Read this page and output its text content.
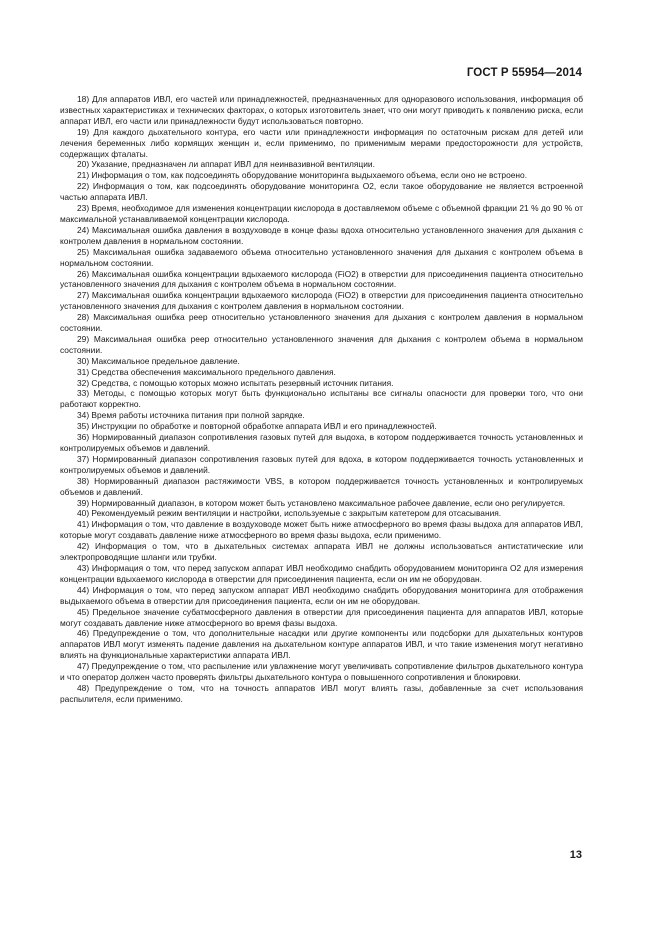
ГОСТ Р 55954—2014

18) Для аппаратов ИВЛ, его частей или принадлежностей, предназначенных для одноразового использования, информация об известных характеристиках и технических факторах, о которых изготовитель знает, что они могут приводить к появлению риска, если аппарат ИВЛ, его части или принадлежности будут использоваться повторно.

19) Для каждого дыхательного контура, его части или принадлежности информация по остаточным рискам для детей или лечения беременных либо кормящих женщин и, если применимо, по применимым мерами предосторожности для устройств, содержащих фталаты.

20) Указание, предназначен ли аппарат ИВЛ для неинвазивной вентиляции.

21) Информация о том, как подсоединять оборудование мониторинга выдыхаемого объема, если оно не встроено.

22) Информация о том, как подсоединять оборудование мониторинга O2, если такое оборудование не является встроенной частью аппарата ИВЛ.

23) Время, необходимое для изменения концентрации кислорода в доставляемом объеме с объемной фракции 21 % до 90 % от максимальной устанавливаемой концентрации кислорода.

24) Максимальная ошибка давления в воздуховоде в конце фазы вдоха относительно установленного значения для дыхания с контролем давления в нормальном состоянии.

25) Максимальная ошибка задаваемого объема относительно установленного значения для дыхания с контролем объема в нормальном состоянии.

26) Максимальная ошибка концентрации вдыхаемого кислорода (FiO2) в отверстии для присоединения пациента относительно установленного значения для дыхания с контролем объема в нормальном состоянии.

27) Максимальная ошибка концентрации вдыхаемого кислорода (FiO2) в отверстии для присоединения пациента относительно установленного значения для дыхания с контролем давления в нормальном состоянии.

28) Максимальная ошибка peep относительно установленного значения для дыхания с контролем давления в нормальном состоянии.

29) Максимальная ошибка peep относительно установленного значения для дыхания с контролем объема в нормальном состоянии.

30) Максимальное предельное давление.

31) Средства обеспечения максимального предельного давления.

32) Средства, с помощью которых можно испытать резервный источник питания.

33) Методы, с помощью которых могут быть функционально испытаны все сигналы опасности для проверки того, что они работают корректно.

34) Время работы источника питания при полной зарядке.

35) Инструкции по обработке и повторной обработке аппарата ИВЛ и его принадлежностей.

36) Нормированный диапазон сопротивления газовых путей для выдоха, в котором поддерживается точность установленных и контролируемых объемов и давлений.

37) Нормированный диапазон сопротивления газовых путей для вдоха, в котором поддерживается точность установленных и контролируемых объемов и давлений.

38) Нормированный диапазон растяжимости VBS, в котором поддерживается точность установленных и контролируемых объемов и давлений.

39) Нормированный диапазон, в котором может быть установлено максимальное рабочее давление, если оно регулируется.

40) Рекомендуемый режим вентиляции и настройки, используемые с закрытым катетером для отсасывания.

41) Информация о том, что давление в воздуховоде может быть ниже атмосферного во время фазы выдоха для аппаратов ИВЛ, которые могут создавать давление ниже атмосферного во время фазы выдоха, если применимо.

42) Информация о том, что в дыхательных системах аппарата ИВЛ не должны использоваться антистатические или электропроводящие шланги или трубки.

43) Информация о том, что перед запуском аппарат ИВЛ необходимо снабдить оборудованием мониторинга O2 для измерения концентрации вдыхаемого кислорода в отверстии для присоединения пациента, если он им не оборудован.

44) Информация о том, что перед запуском аппарат ИВЛ необходимо снабдить оборудования мониторинга для отображения выдыхаемого объема в отверстии для присоединения пациента, если он им не оборудован.

45) Предельное значение субатмосферного давления в отверстии для присоединения пациента для аппаратов ИВЛ, которые могут создавать давление ниже атмосферного во время фазы выдоха.

46) Предупреждение о том, что дополнительные насадки или другие компоненты или подсборки для дыхательных контуров аппаратов ИВЛ могут изменять падение давления на дыхательном контуре аппаратов ИВЛ, и что такие изменения могут негативно влиять на функциональные характеристики аппарата ИВЛ.

47) Предупреждение о том, что распыление или увлажнение могут увеличивать сопротивление фильтров дыхательного контура и что оператор должен часто проверять фильтры дыхательного контура о повышенного сопротивления и блокировки.

48) Предупреждение о том, что на точность аппаратов ИВЛ могут влиять газы, добавленные за счет использования распылителя, если применимо.

13
